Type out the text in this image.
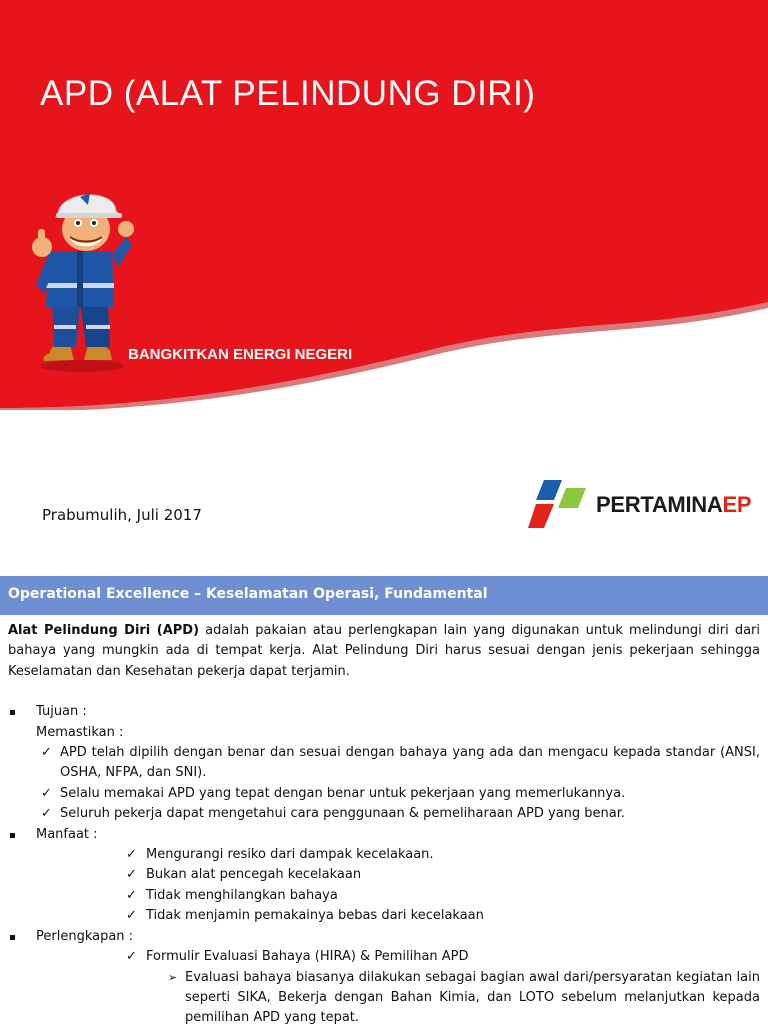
APD (ALAT PELINDUNG DIRI)
BANGKITKAN ENERGI NEGERI
Prabumulih, Juli 2017	PERTAMINAEP
Operational Excellence – Keselamatan Operasi, Fundamental

Alat Pelindung Diri (APD) adalah pakaian atau perlengkapan lain yang digunakan untuk melindungi diri dari bahaya yang mungkin ada di tempat kerja. Alat Pelindung Diri harus sesuai dengan jenis pekerjaan sehingga Keselamatan dan Kesehatan pekerja dapat terjamin.

Tujuan :
Memastikan :
✓ APD telah dipilih dengan benar dan sesuai dengan bahaya yang ada dan mengacu kepada standar (ANSI, OSHA, NFPA, dan SNI).
✓ Selalu memakai APD yang tepat dengan benar untuk pekerjaan yang memerlukannya.
✓ Seluruh pekerja dapat mengetahui cara penggunaan & pemeliharaan APD yang benar.
Manfaat :
✓ Mengurangi resiko dari dampak kecelakaan.
✓ Bukan alat pencegah kecelakaan
✓ Tidak menghilangkan bahaya
✓ Tidak menjamin pemakainya bebas dari kecelakaan
Perlengkapan :
✓ Formulir Evaluasi Bahaya (HIRA) & Pemilihan APD
➢ Evaluasi bahaya biasanya dilakukan sebagai bagian awal dari/persyaratan kegiatan lain seperti SIKA, Bekerja dengan Bahan Kimia, dan LOTO sebelum melanjutkan kepada pemilihan APD yang tepat.
